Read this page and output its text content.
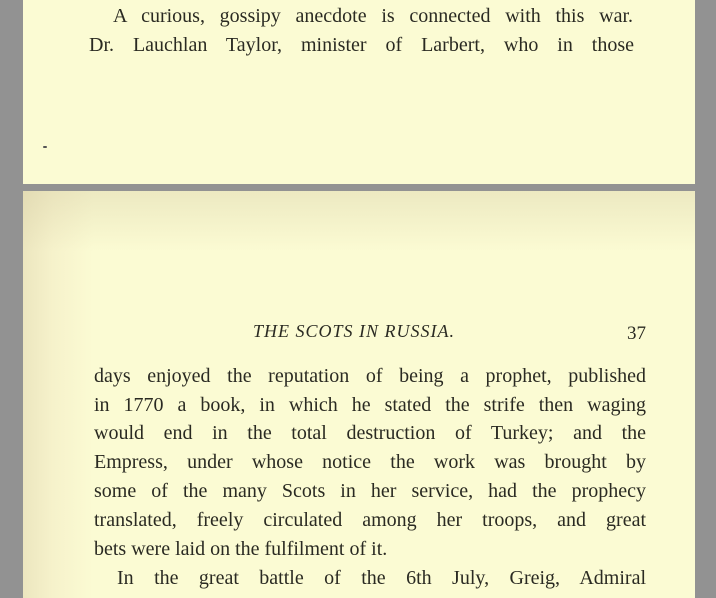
A curious, gossipy anecdote is connected with this war.
Dr. Lauchlan Taylor, minister of Larbert, who in those
THE SCOTS IN RUSSIA.	37
days enjoyed the reputation of being a prophet, published
in 1770 a book, in which he stated the strife then waging
would end in the total destruction of Turkey; and the
Empress, under whose notice the work was brought by
some of the many Scots in her service, had the prophecy
translated, freely circulated among her troops, and great
bets were laid on the fulfilment of it.
In the great battle of the 6th July, Greig, Admiral
